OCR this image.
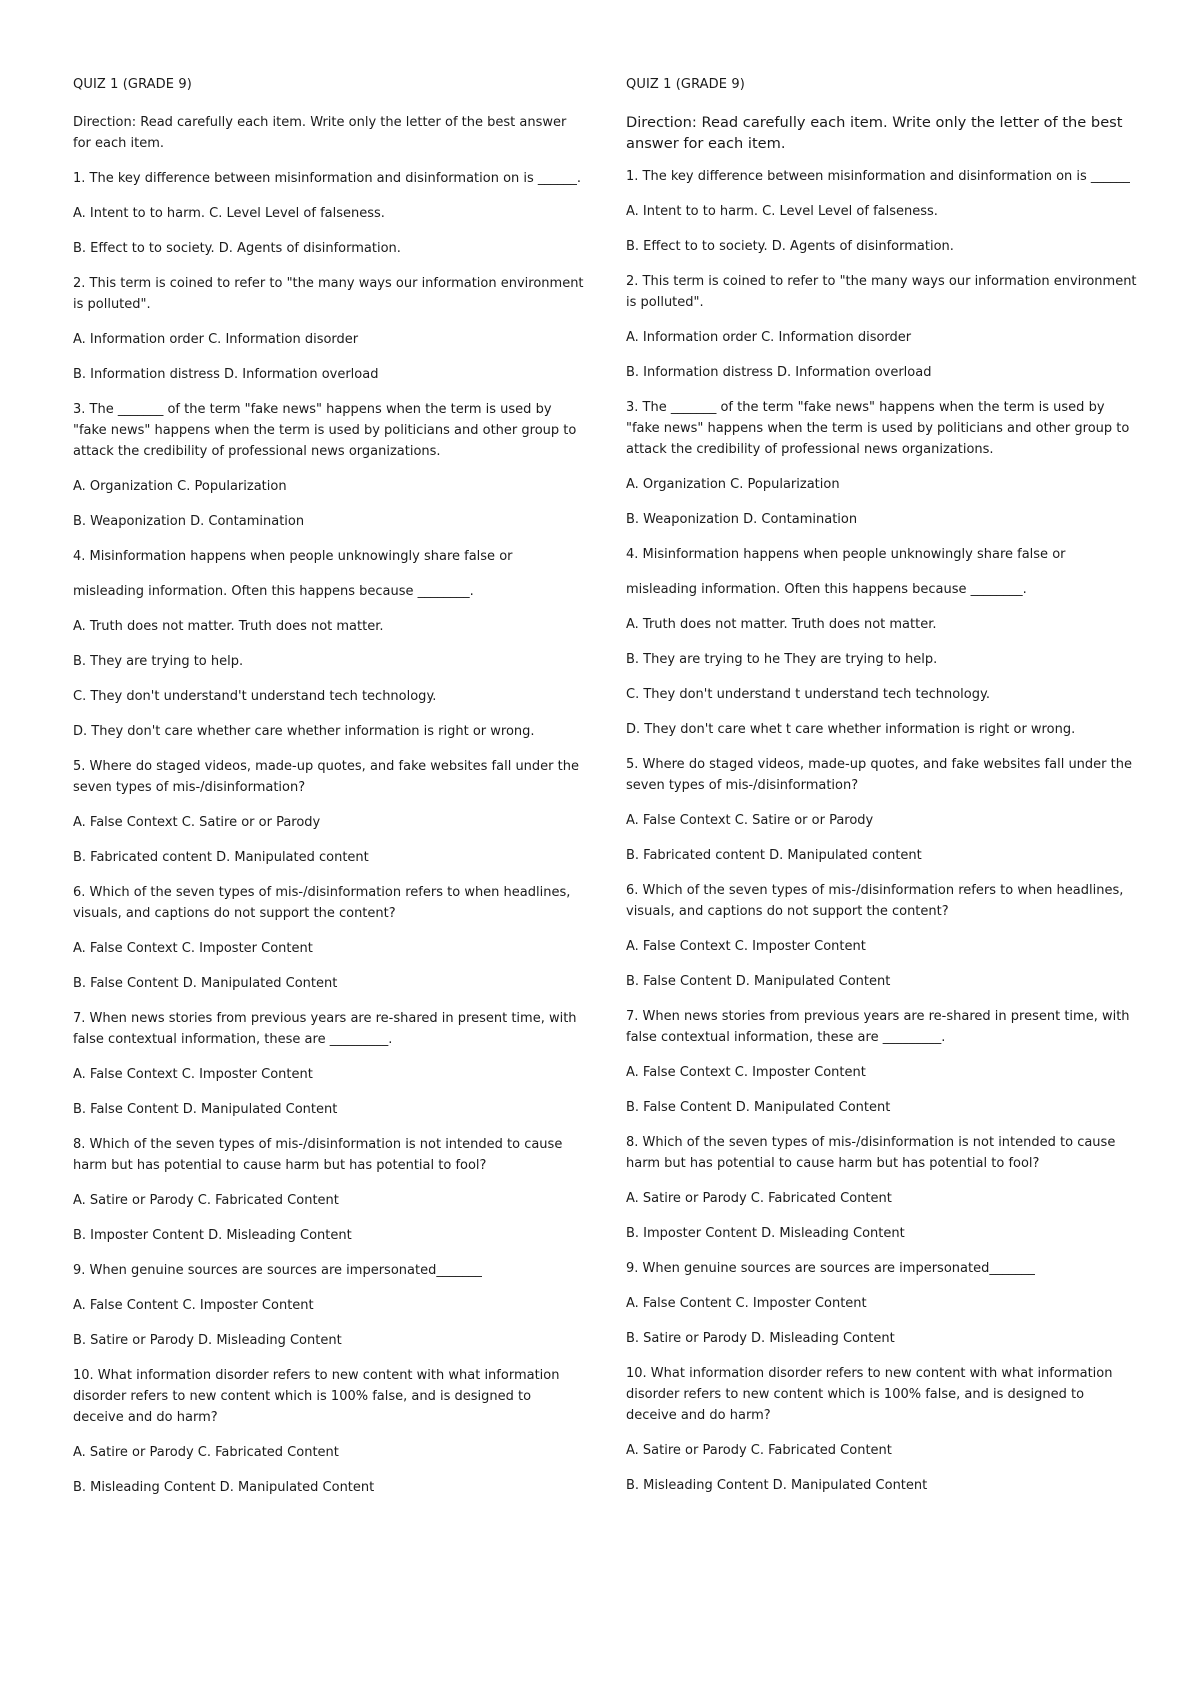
QUIZ 1 (GRADE 9)
Direction: Read carefully each item. Write only the letter of the best answer for each item.
1. The key difference between misinformation and disinformation on is ______.
A. Intent to to harm. C. Level Level of falseness.
B. Effect to to society. D. Agents of disinformation.
2. This term is coined to refer to "the many ways our information environment is polluted".
A. Information order C. Information disorder
B. Information distress D. Information overload
3. The _______ of the term "fake news" happens when the term is used by "fake news" happens when the term is used by politicians and other group to attack the credibility of professional news organizations.
A. Organization C. Popularization
B. Weaponization D. Contamination
4. Misinformation happens when people unknowingly share false or
misleading information. Often this happens because ________.
A. Truth does not matter. Truth does not matter.
B. They are trying to help.
C. They don't understand't understand tech technology.
D. They don't care whether care whether information is right or wrong.
5. Where do staged videos, made-up quotes, and fake websites fall under the seven types of mis-/disinformation?
A. False Context C. Satire or or Parody
B. Fabricated content D. Manipulated content
6. Which of the seven types of mis-/disinformation refers to when headlines, visuals, and captions do not support the content?
A. False Context C. Imposter Content
B. False Content D. Manipulated Content
7. When news stories from previous years are re-shared in present time, with false contextual information, these are _________.
A. False Context C. Imposter Content
B. False Content D. Manipulated Content
8. Which of the seven types of mis-/disinformation is not intended to cause harm but has potential to cause harm but has potential to fool?
A. Satire or Parody C. Fabricated Content
B. Imposter Content D. Misleading Content
9. When genuine sources are sources are impersonated_______
A. False Content C. Imposter Content
B. Satire or Parody D. Misleading Content
10. What information disorder refers to new content with what information disorder refers to new content which is 100% false, and is designed to deceive and do harm?
A. Satire or Parody C. Fabricated Content
B. Misleading Content D. Manipulated Content
QUIZ 1 (GRADE 9)
Direction: Read carefully each item. Write only the letter of the best answer for each item.
1. The key difference between misinformation and disinformation on is ______
A. Intent to to harm. C. Level Level of falseness.
B. Effect to to society. D. Agents of disinformation.
2. This term is coined to refer to "the many ways our information environment is polluted".
A. Information order C. Information disorder
B. Information distress D. Information overload
3. The _______ of the term "fake news" happens when the term is used by "fake news" happens when the term is used by politicians and other group to attack the credibility of professional news organizations.
A. Organization C. Popularization
B. Weaponization D. Contamination
4. Misinformation happens when people unknowingly share false or
misleading information. Often this happens because ________.
A. Truth does not matter. Truth does not matter.
B. They are trying to he They are trying to help.
C. They don't understand t understand tech technology.
D. They don't care whet t care whether information is right or wrong.
5. Where do staged videos, made-up quotes, and fake websites fall under the seven types of mis-/disinformation?
A. False Context C. Satire or or Parody
B. Fabricated content D. Manipulated content
6. Which of the seven types of mis-/disinformation refers to when headlines, visuals, and captions do not support the content?
A. False Context C. Imposter Content
B. False Content D. Manipulated Content
7. When news stories from previous years are re-shared in present time, with false contextual information, these are _________.
A. False Context C. Imposter Content
B. False Content D. Manipulated Content
8. Which of the seven types of mis-/disinformation is not intended to cause harm but has potential to cause harm but has potential to fool?
A. Satire or Parody C. Fabricated Content
B. Imposter Content D. Misleading Content
9. When genuine sources are sources are impersonated_______
A. False Content C. Imposter Content
B. Satire or Parody D. Misleading Content
10. What information disorder refers to new content with what information disorder refers to new content which is 100% false, and is designed to deceive and do harm?
A. Satire or Parody C. Fabricated Content
B. Misleading Content D. Manipulated Content
